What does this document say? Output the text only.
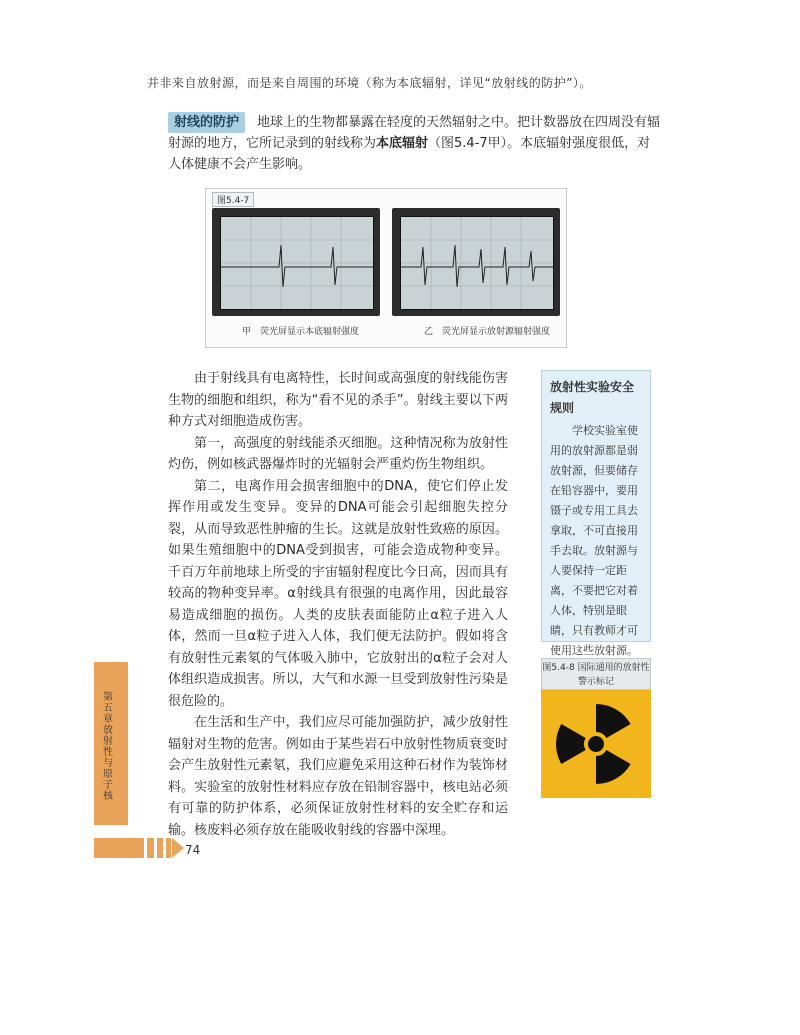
并非来自放射源，而是来自周围的环境（称为本底辐射，详见“放射线的防护”）。
射线的防护 地球上的生物都暴露在轻度的天然辐射之中。把计数器放在四周没有辐射源的地方，它所记录到的射线称为本底辐射（图5.4-7甲）。本底辐射强度很低，对人体健康不会产生影响。
图5.4-7
甲　荧光屏显示本底辐射强度	乙　荧光屏显示放射源辐射强度

由于射线具有电离特性，长时间或高强度的射线能伤害生物的细胞和组织，称为“看不见的杀手”。射线主要以下两种方式对细胞造成伤害。

第一，高强度的射线能杀灭细胞。这种情况称为放射性灼伤，例如核武器爆炸时的光辐射会严重灼伤生物组织。

第二，电离作用会损害细胞中的DNA，使它们停止发挥作用或发生变异。变异的DNA可能会引起细胞失控分裂，从而导致恶性肿瘤的生长。这就是放射性致癌的原因。如果生殖细胞中的DNA受到损害，可能会造成物种变异。千百万年前地球上所受的宇宙辐射程度比今日高，因而具有较高的物种变异率。α射线具有很强的电离作用，因此最容易造成细胞的损伤。人类的皮肤表面能防止α粒子进入人体，然而一旦α粒子进入人体，我们便无法防护。假如将含有放射性元素氡的气体吸入肺中，它放射出的α粒子会对人体组织造成损害。所以，大气和水源一旦受到放射性污染是很危险的。

在生活和生产中，我们应尽可能加强防护，减少放射性辐射对生物的危害。例如由于某些岩石中放射性物质衰变时会产生放射性元素氡，我们应避免采用这种石材作为装饰材料。实验室的放射性材料应存放在铅制容器中，核电站必须有可靠的防护体系，必须保证放射性材料的安全贮存和运输。核废料必须存放在能吸收射线的容器中深埋。

放射性实验安全规则
学校实验室使用的放射源都是弱放射源，但要储存在铅容器中，要用镊子或专用工具去拿取，不可直接用手去取。放射源与人要保持一定距离，不要把它对着人体，特别是眼睛，只有教师才可使用这些放射源。
图5.4-8 国际通用的放射性警示标记
第五章　放射性与原子核
74
